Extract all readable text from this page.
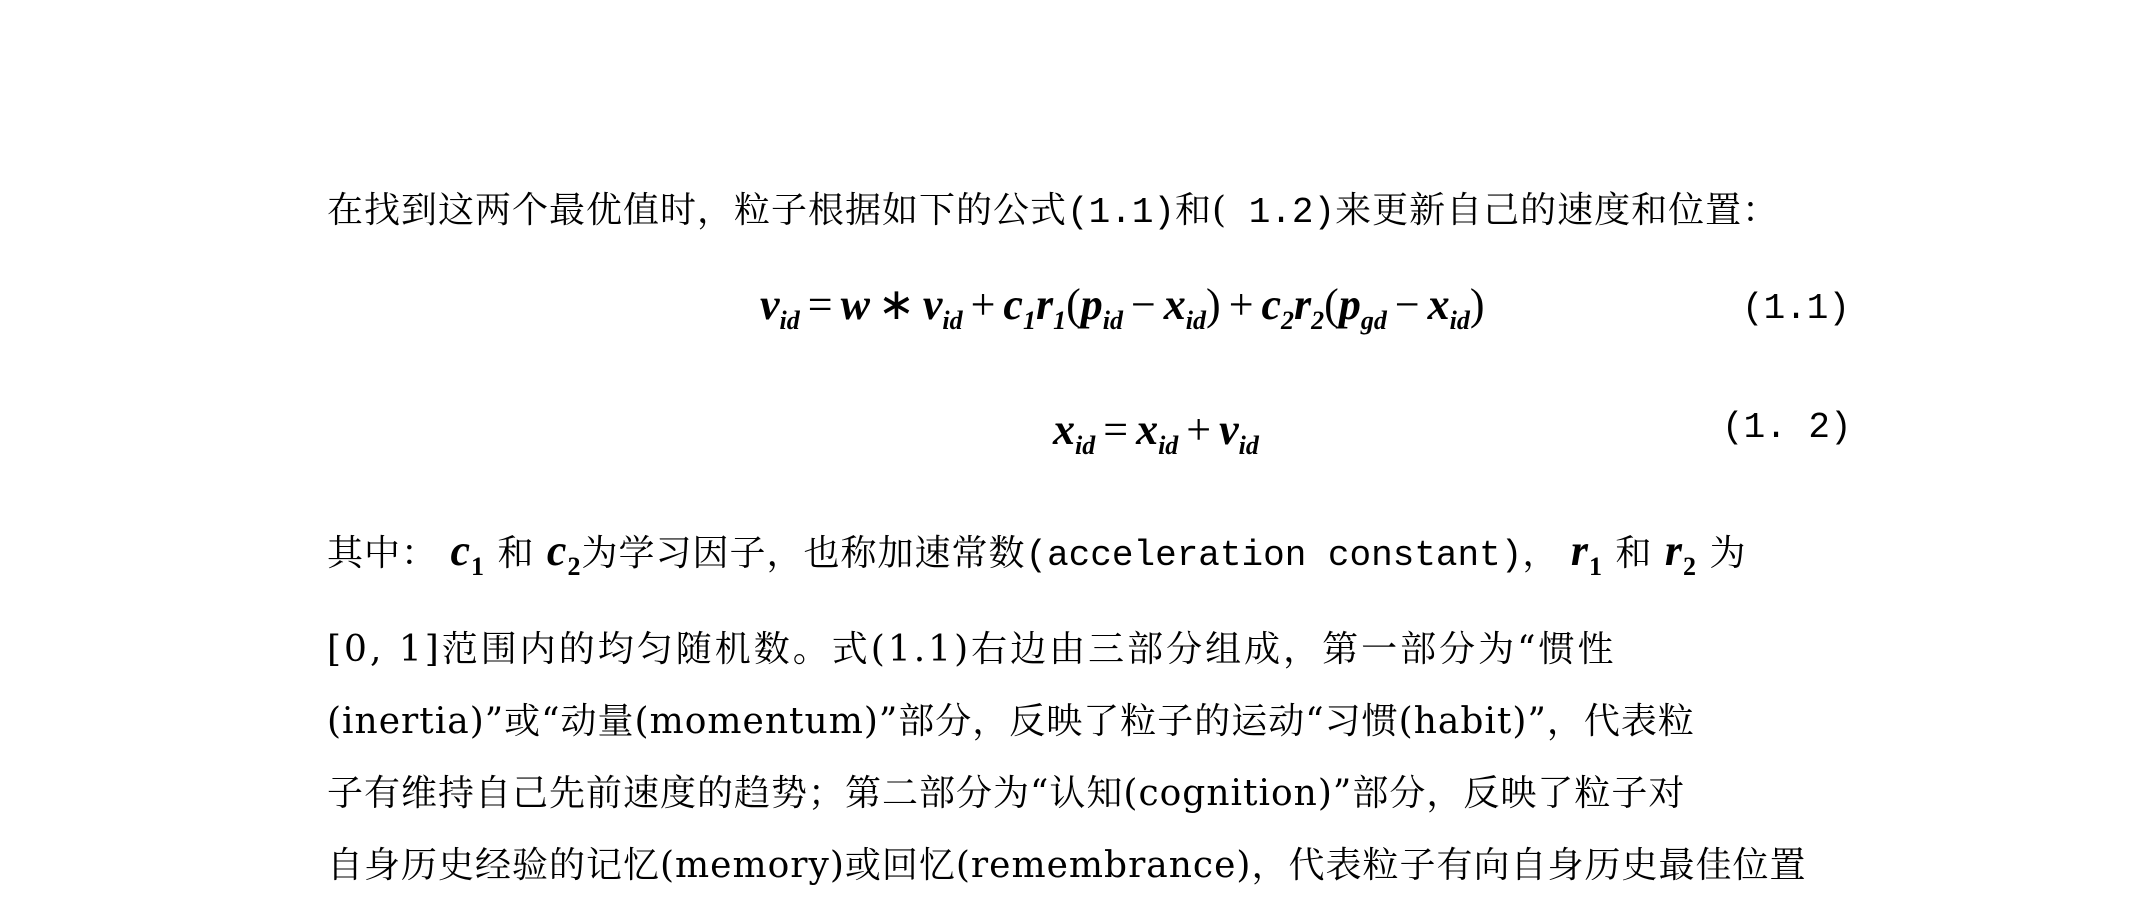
在找到这两个最优值时，粒子根据如下的公式(1.1)和( 1.2)来更新自己的速度和位置：
$v_{id} = w$ ∗ $v_{id} + c_1r_1(p_{id} - x_{id}) + c_2r_2(p_{gd} - x_{id})$	(1.1)
$x_{id} = x_{id} + v_{id}$	(1. 2)
其中： $c_1$ 和 $c_2$为学习因子，也称加速常数(acceleration constant)， $r_1$ 和 $r_2$ 为
[0, 1]范围内的均匀随机数。式(1.1)右边由三部分组成，第一部分为“惯性
(inertia)”或“动量(momentum)”部分，反映了粒子的运动“习惯(habit)”，代表粒
子有维持自己先前速度的趋势；第二部分为“认知(cognition)”部分，反映了粒子对
自身历史经验的记忆(memory)或回忆(remembrance)，代表粒子有向自身历史最佳位置
